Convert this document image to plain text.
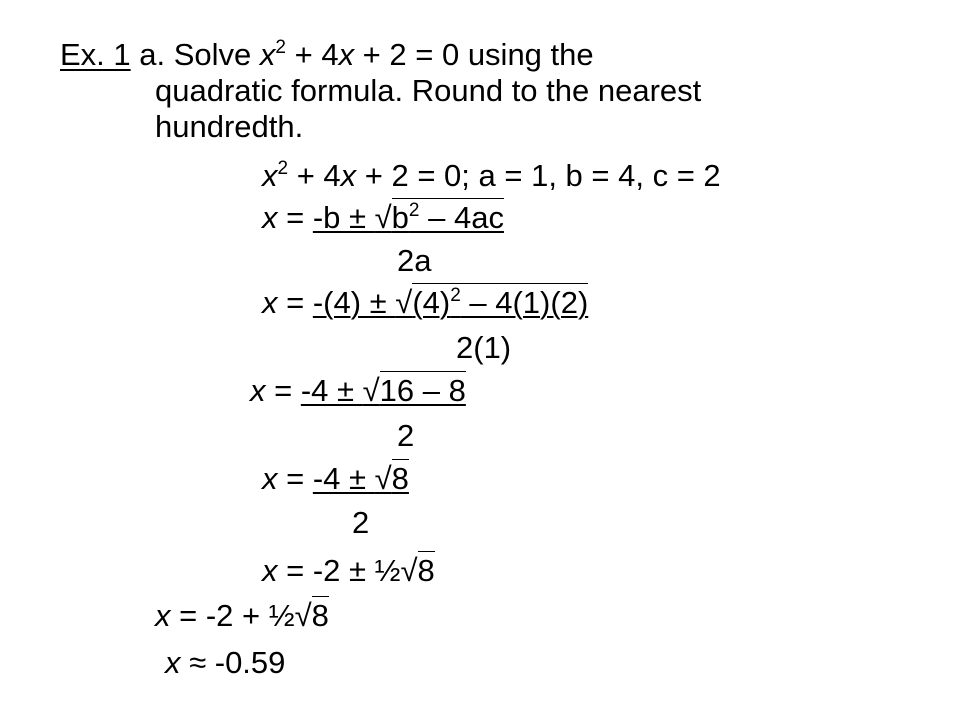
Ex. 1 a. Solve $x^2 + 4x + 2 = 0$ using the
quadratic formula. Round to the nearest
hundredth.
$x^2 + 4x + 2 = 0$; a = 1, b = 4, c = 2
$x = -b \pm √b^2 - 4ac$
2a
$x = -(4) \pm √(4)^2 - 4(1)(2)$
2(1)
x = -4 ± √16 – 8
2
x = -4 ± √8
2
x = -2 ± ½√8
x = -2 + ½√8
x ≈ -0.59
